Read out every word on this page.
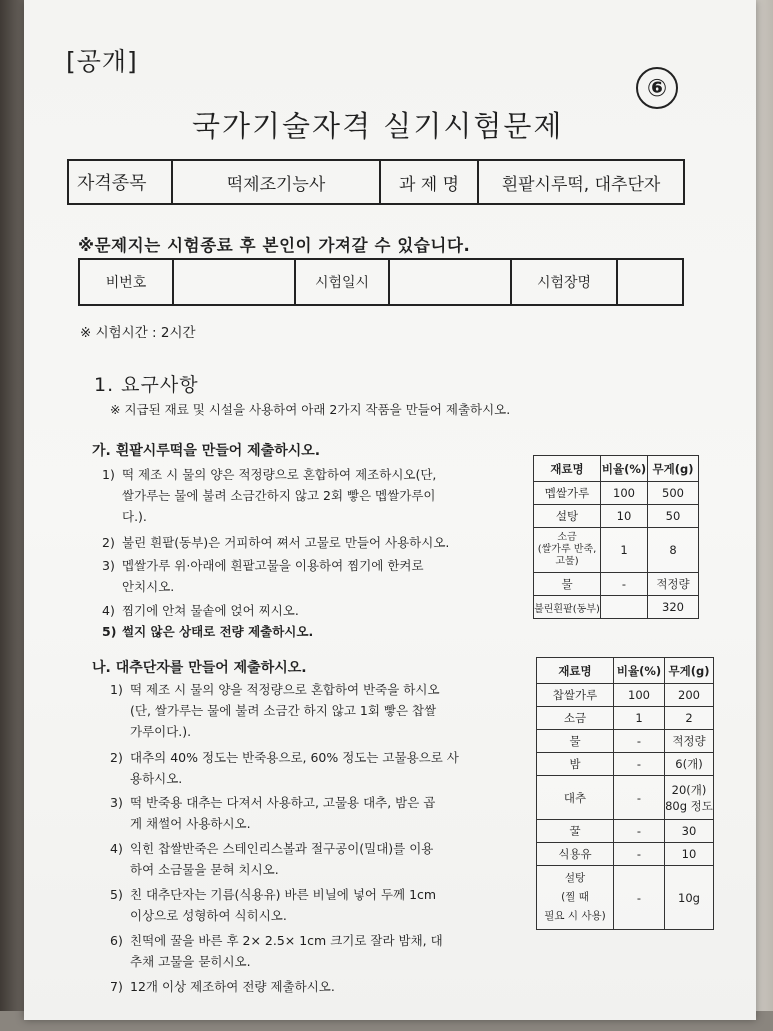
[공개]
⑥
국가기술자격 실기시험문제
자격종목	떡제조기능사	과 제 명	흰팥시루떡, 대추단자
※문제지는 시험종료 후 본인이 가져갈 수 있습니다.
비번호		시험일시		시험장명	
※ 시험시간 : 2시간
1. 요구사항
※ 지급된 재료 및 시설을 사용하여 아래 2가지 작품을 만들어 제출하시오.
가. 흰팥시루떡을 만들어 제출하시오.
1) 떡 제조 시 물의 양은 적정량으로 혼합하여 제조하시오(단,
쌀가루는 물에 불려 소금간하지 않고 2회 빻은 멥쌀가루이
다.).
2) 불린 흰팥(동부)은 거피하여 쪄서 고물로 만들어 사용하시오.
3) 멥쌀가루 위·아래에 흰팥고물을 이용하여 찜기에 한켜로
안치시오.
4) 찜기에 안쳐 물솥에 얹어 찌시오.
5) 썰지 않은 상태로 전량 제출하시오.
재료명	비율(%)	무게(g)
멥쌀가루	100	500
설탕	10	50
소금
(쌀가루 반죽,
고물)	1	8
물	-	적정량
불린흰팥(동부)		320
나. 대추단자를 만들어 제출하시오.
1) 떡 제조 시 물의 양을 적정량으로 혼합하여 반죽을 하시오
(단, 쌀가루는 물에 불려 소금간 하지 않고 1회 빻은 찹쌀
가루이다.).
2) 대추의 40% 정도는 반죽용으로, 60% 정도는 고물용으로 사
용하시오.
3) 떡 반죽용 대추는 다져서 사용하고, 고물용 대추, 밤은 곱
게 채썰어 사용하시오.
4) 익힌 찹쌀반죽은 스테인리스볼과 절구공이(밀대)를 이용
하여 소금물을 묻혀 치시오.
5) 친 대추단자는 기름(식용유) 바른 비닐에 넣어 두께 1cm
이상으로 성형하여 식히시오.
6) 친떡에 꿀을 바른 후 2× 2.5× 1cm 크기로 잘라 밤채, 대
추채 고물을 묻히시오.
7) 12개 이상 제조하여 전량 제출하시오.
재료명	비율(%)	무게(g)
찹쌀가루	100	200
소금	1	2
물	-	적정량
밤	-	6(개)
대추	-	20(개)
80g 정도
꿀	-	30
식용유	-	10
설탕
(찔 때
필요 시 사용)	-	10g
